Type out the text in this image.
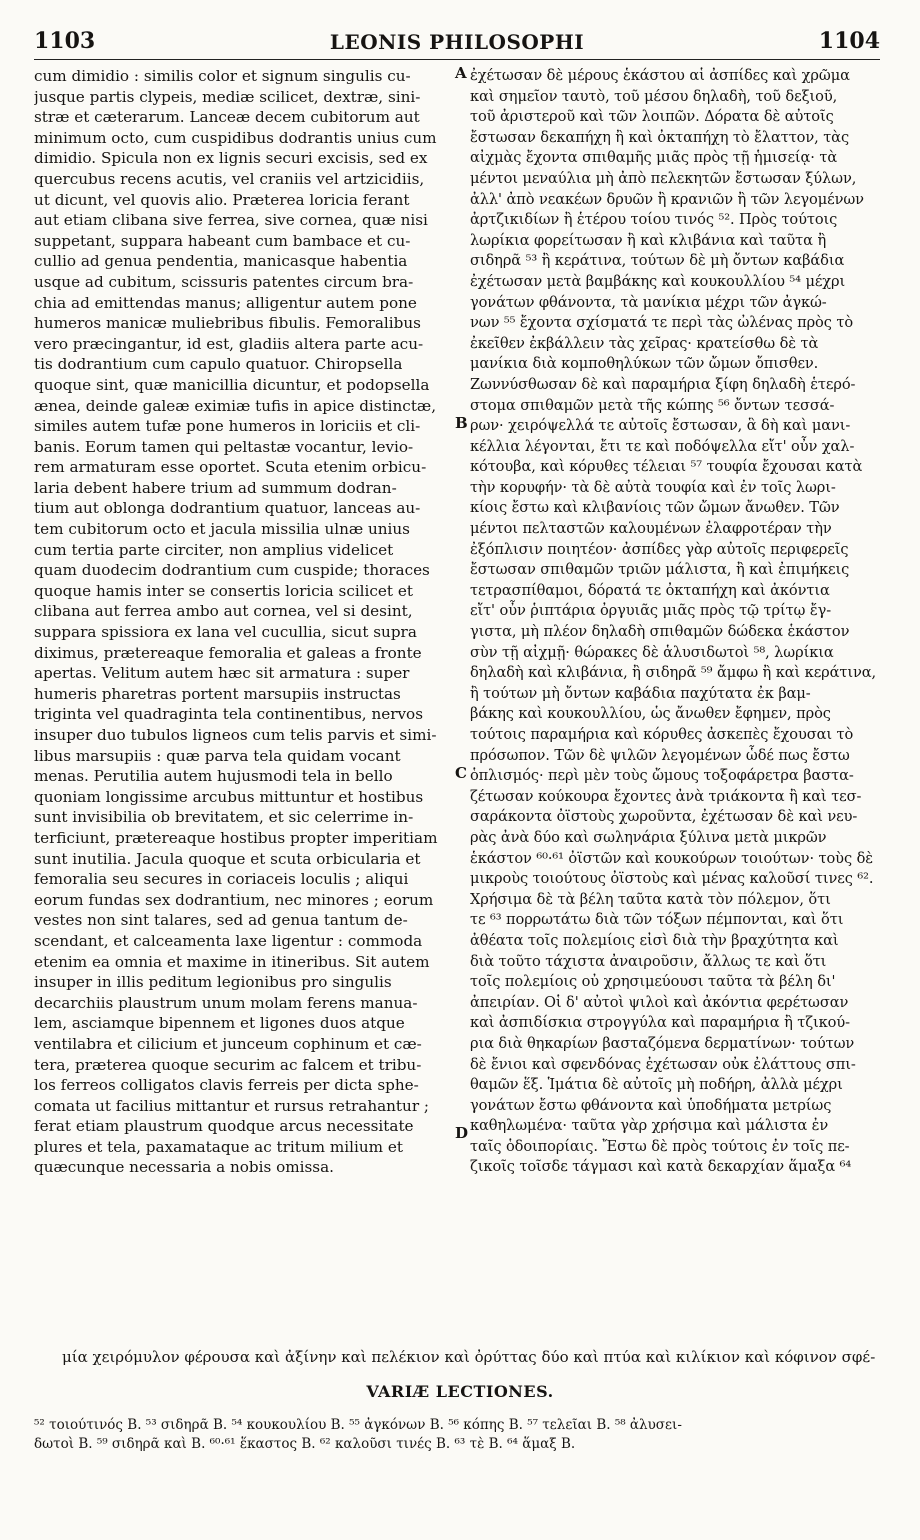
1103	LEONIS PHILOSOPHI	1104
cum dimidio : similis color et signum singulis cu-
jusque partis clypeis, mediæ scilicet, dextræ, sini-
stræ et cæterarum. Lanceæ decem cubitorum aut
minimum octo, cum cuspidibus dodrantis unius cum
dimidio. Spicula non ex lignis securi excisis, sed ex
quercubus recens acutis, vel craniis vel artzicidiis,
ut dicunt, vel quovis alio. Præterea loricia ferant
aut etiam clibana sive ferrea, sive cornea, quæ nisi
suppetant, suppara habeant cum bambace et cu-
cullio ad genua pendentia, manicasque habentia
usque ad cubitum, scissuris patentes circum bra-
chia ad emittendas manus; alligentur autem pone
humeros manicæ muliebribus fibulis. Femoralibus
vero præcingantur, id est, gladiis altera parte acu-
tis dodrantium cum capulo quatuor. Chiropsella
quoque sint, quæ manicillia dicuntur, et podopsella
ænea, deinde galeæ eximiæ tufis in apice distinctæ,
similes autem tufæ pone humeros in loriciis et cli-
banis. Eorum tamen qui peltastæ vocantur, levio-
rem armaturam esse oportet. Scuta etenim orbicu-
laria debent habere trium ad summum dodran-
tium aut oblonga dodrantium quatuor, lanceas au-
tem cubitorum octo et jacula missilia ulnæ unius
cum tertia parte circiter, non amplius videlicet
quam duodecim dodrantium cum cuspide; thoraces
quoque hamis inter se consertis loricia scilicet et
clibana aut ferrea ambo aut cornea, vel si desint,
suppara spissiora ex lana vel cucullia, sicut supra
diximus, prætereaque femoralia et galeas a fronte
apertas. Velitum autem hæc sit armatura : super
humeris pharetras portent marsupiis instructas
triginta vel quadraginta tela continentibus, nervos
insuper duo tubulos ligneos cum telis parvis et simi-
libus marsupiis : quæ parva tela quidam vocant
menas. Perutilia autem hujusmodi tela in bello
quoniam longissime arcubus mittuntur et hostibus
sunt invisibilia ob brevitatem, et sic celerrime in-
terficiunt, prætereaque hostibus propter imperitiam
sunt inutilia. Jacula quoque et scuta orbicularia et
femoralia seu secures in coriaceis loculis ; aliqui
eorum fundas sex dodrantium, nec minores ; eorum
vestes non sint talares, sed ad genua tantum de-
scendant, et calceamenta laxe ligentur : commoda
etenim ea omnia et maxime in itineribus. Sit autem
insuper in illis peditum legionibus pro singulis
decarchiis plaustrum unum molam ferens manua-
lem, asciamque bipennem et ligones duos atque
ventilabra et cilicium et junceum cophinum et cæ-
tera, præterea quoque securim ac falcem et tribu-
los ferreos colligatos clavis ferreis per dicta sphe-
comata ut facilius mittantur et rursus retrahantur ;
ferat etiam plaustrum quodque arcus necessitate
plures et tela, paxamataque ac tritum milium et
quæcunque necessaria a nobis omissa.
ἐχέτωσαν δὲ μέρους ἑκάστου αἱ ἀσπίδες καὶ χρῶμα
καὶ σημεῖον ταυτὸ, τοῦ μέσου δηλαδὴ, τοῦ δεξιοῦ,
τοῦ ἀριστεροῦ καὶ τῶν λοιπῶν. Δόρατα δὲ αὐτοῖς
ἔστωσαν δεκαπήχη ἢ καὶ ὀκταπήχη τὸ ἔλαττον, τὰς
αἰχμὰς ἔχοντα σπιθαμῆς μιᾶς πρὸς τῇ ἡμισείᾳ· τὰ
μέντοι μεναύλια μὴ ἀπὸ πελεκητῶν ἔστωσαν ξύλων,
ἀλλ' ἀπὸ νεακέων δρυῶν ἢ κρανιῶν ἢ τῶν λεγομένων
ἀρτζικιδίων ἢ ἑτέρου τοίου τινός ⁵². Πρὸς τούτοις
λωρίκια φορείτωσαν ἢ καὶ κλιβάνια καὶ ταῦτα ἢ
σιδηρᾶ ⁵³ ἢ κεράτινα, τούτων δὲ μὴ ὄντων καβάδια
ἐχέτωσαν μετὰ βαμβάκης καὶ κουκουλλίου ⁵⁴ μέχρι
γονάτων φθάνοντα, τὰ μανίκια μέχρι τῶν ἀγκώ-
νων ⁵⁵ ἔχοντα σχίσματά τε περὶ τὰς ὠλένας πρὸς τὸ
ἐκεῖθεν ἐκβάλλειν τὰς χεῖρας· κρατείσθω δὲ τὰ
μανίκια διὰ κομποθηλύκων τῶν ὤμων ὄπισθεν.
Ζωννύσθωσαν δὲ καὶ παραμήρια ξίφη δηλαδὴ ἑτερό-
στομα σπιθαμῶν μετὰ τῆς κώπης ⁵⁶ ὄντων τεσσά-
ρων· χειρόψελλά τε αὐτοῖς ἔστωσαν, ἃ δὴ καὶ μανι-
κέλλια λέγονται, ἔτι τε καὶ ποδόψελλα εἴτ' οὖν χαλ-
κότουβα, καὶ κόρυθες τέλειαι ⁵⁷ τουφία ἔχουσαι κατὰ
τὴν κορυφήν· τὰ δὲ αὐτὰ τουφία καὶ ἐν τοῖς λωρι-
κίοις ἔστω καὶ κλιβανίοις τῶν ὤμων ἄνωθεν. Τῶν
μέντοι πελταστῶν καλουμένων ἐλαφροτέραν τὴν
ἐξόπλισιν ποιητέον· ἀσπίδες γὰρ αὐτοῖς περιφερεῖς
ἔστωσαν σπιθαμῶν τριῶν μάλιστα, ἢ καὶ ἐπιμήκεις
τετρασπίθαμοι, δόρατά τε ὀκταπήχη καὶ ἀκόντια
εἴτ' οὖν ῥιπτάρια ὀργυιᾶς μιᾶς πρὸς τῷ τρίτῳ ἔγ-
γιστα, μὴ πλέον δηλαδὴ σπιθαμῶν δώδεκα ἑκάστον
σὺν τῇ αἰχμῇ· θώρακες δὲ ἁλυσιδωτοὶ ⁵⁸, λωρίκια
δηλαδὴ καὶ κλιβάνια, ἢ σιδηρᾶ ⁵⁹ ἄμφω ἢ καὶ κεράτινα,
ἢ τούτων μὴ ὄντων καβάδια παχύτατα ἐκ βαμ-
βάκης καὶ κουκουλλίου, ὡς ἄνωθεν ἔφημεν, πρὸς
τούτοις παραμήρια καὶ κόρυθες ἀσκεπὲς ἔχουσαι τὸ
πρόσωπον. Τῶν δὲ ψιλῶν λεγομένων ὧδέ πως ἔστω
ὁπλισμός· περὶ μὲν τοὺς ὤμους τοξοφάρετρα βαστα-
ζέτωσαν κούκουρα ἔχοντες ἀνὰ τριάκοντα ἢ καὶ τεσ-
σαράκοντα ὀϊστοὺς χωροῦντα, ἐχέτωσαν δὲ καὶ νευ-
ρὰς ἀνὰ δύο καὶ σωληνάρια ξύλινα μετὰ μικρῶν
ἑκάστον ⁶⁰·⁶¹ ὀϊστῶν καὶ κουκούρων τοιούτων· τοὺς δὲ
μικροὺς τοιούτους ὀϊστοὺς καὶ μένας καλοῦσί τινες ⁶².
Χρήσιμα δὲ τὰ βέλη ταῦτα κατὰ τὸν πόλεμον, ὅτι
τε ⁶³ πορρωτάτω διὰ τῶν τόξων πέμπονται, καὶ ὅτι
ἀθέατα τοῖς πολεμίοις εἰσὶ διὰ τὴν βραχύτητα καὶ
διὰ τοῦτο τάχιστα ἀναιροῦσιν, ἄλλως τε καὶ ὅτι
τοῖς πολεμίοις οὐ χρησιμεύουσι ταῦτα τὰ βέλη δι'
ἀπειρίαν. Οἱ δ' αὐτοὶ ψιλοὶ καὶ ἀκόντια φερέτωσαν
καὶ ἀσπιδίσκια στρογγύλα καὶ παραμήρια ἢ τζικού-
ρια διὰ θηκαρίων βασταζόμενα δερματίνων· τούτων
δὲ ἔνιοι καὶ σφενδόνας ἐχέτωσαν οὐκ ἐλάττους σπι-
θαμῶν ἕξ. Ἱμάτια δὲ αὐτοῖς μὴ ποδήρη, ἀλλὰ μέχρι
γονάτων ἔστω φθάνοντα καὶ ὑποδήματα μετρίως
καθηλωμένα· ταῦτα γὰρ χρήσιμα καὶ μάλιστα ἐν
ταῖς ὁδοιπορίαις. Ἔστω δὲ πρὸς τούτοις ἐν τοῖς πε-
ζικοῖς τοῖσδε τάγμασι καὶ κατὰ δεκαρχίαν ἅμαξα ⁶⁴
A
B
C
D
μία χειρόμυλον φέρουσα καὶ ἀξίνην καὶ πελέκιον καὶ ὀρύττας δύο καὶ πτύα καὶ κιλίκιον καὶ κόφινον σφέ-
VARIÆ LECTIONES.
⁵² τοιούτινός B. ⁵³ σιδηρᾶ B. ⁵⁴ κουκουλίου B. ⁵⁵ ἀγκόνων B. ⁵⁶ κόπης B. ⁵⁷ τελεῖαι B. ⁵⁸ ἀλυσει-
δωτοὶ B. ⁵⁹ σιδηρᾶ καὶ B. ⁶⁰·⁶¹ ἕκαστος B. ⁶² καλοῦσι τινές B. ⁶³ τὲ B. ⁶⁴ ἅμαξ B.
